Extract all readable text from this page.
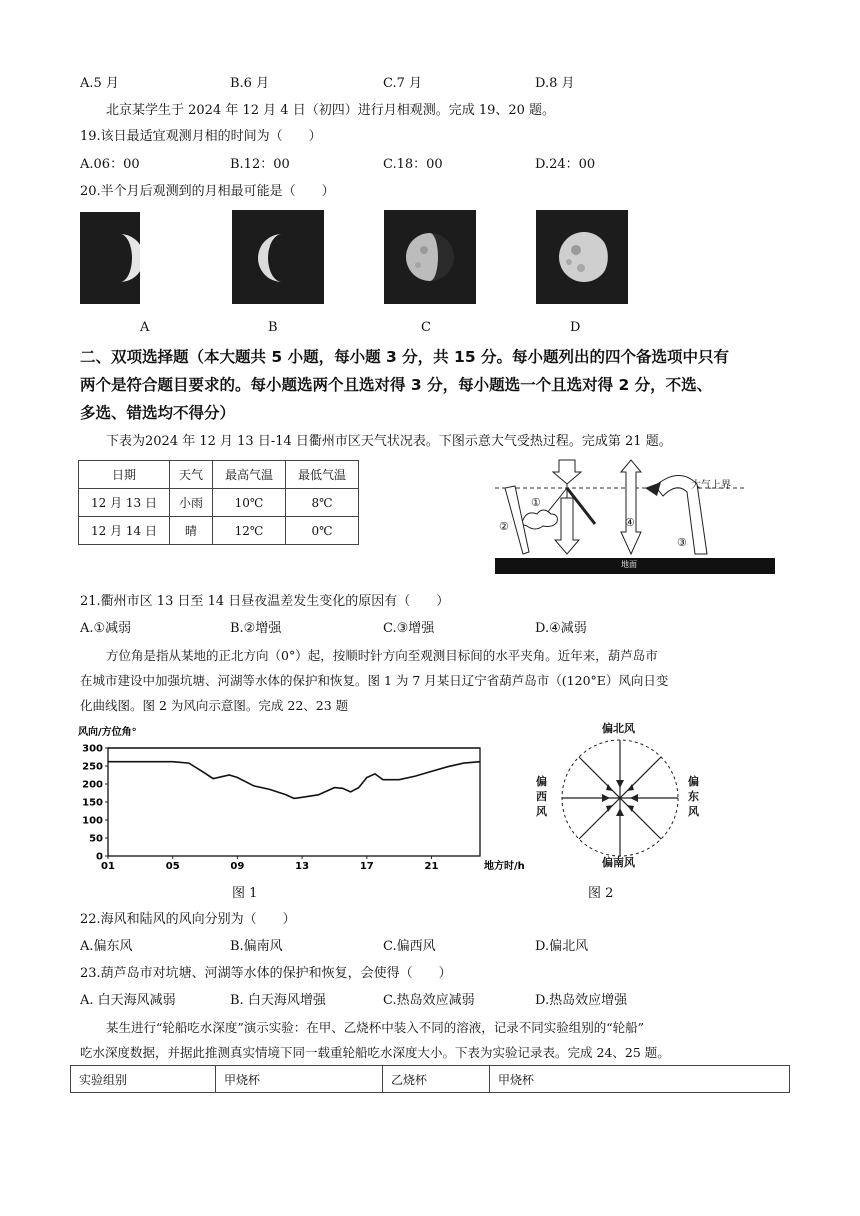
A.5 月	B.6 月	C.7 月	D.8 月
北京某学生于 2024 年 12 月 4 日（初四）进行月相观测。完成 19、20 题。
19.该日最适宜观测月相的时间为（　　）
A.06：00	B.12：00	C.18：00	D.24：00
20.半个月后观测到的月相最可能是（　　）
A	B	C	D
二、双项选择题（本大题共 5 小题，每小题 3 分，共 15 分。每小题列出的四个备选项中只有
两个是符合题目要求的。每小题选两个且选对得 3 分，每小题选一个且选对得 2 分，不选、
多选、错选均不得分）
下表为2024 年 12 月 13 日-14 日衢州市区天气状况表。下图示意大气受热过程。完成第 21 题。
日期	天气	最高气温	最低气温
12 月 13 日	小雨	10℃	8℃
12 月 14 日	晴	12℃	0℃
①
②
③
④
大气上界
地面
21.衢州市区 13 日至 14 日昼夜温差发生变化的原因有（　　）
A.①减弱	B.②增强	C.③增强	D.④减弱
方位角是指从某地的正北方向（0°）起，按顺时针方向至观测目标间的水平夹角。近年来，葫芦岛市
在城市建设中加强坑塘、河湖等水体的保护和恢复。图 1 为 7 月某日辽宁省葫芦岛市（(120°E）风向日变
化曲线图。图 2 为风向示意图。完成 22、23 题
0
50
100
150
200
250
300
01	05	09	13	17	21
风向/方位角°
地方时/h
图 1
偏北风
偏南风
偏西风
偏东风
图 2
22.海风和陆风的风向分别为（　　）
A.偏东风	B.偏南风	C.偏西风	D.偏北风
23.葫芦岛市对坑塘、河湖等水体的保护和恢复，会使得（　　）
A. 白天海风减弱	B. 白天海风增强	C.热岛效应减弱	D.热岛效应增强
某生进行“轮船吃水深度”演示实验：在甲、乙烧杯中装入不同的溶液，记录不同实验组别的“轮船”
吃水深度数据，并据此推测真实情境下同一载重轮船吃水深度大小。下表为实验记录表。完成 24、25 题。
实验组别	甲烧杯	乙烧杯	甲烧杯
